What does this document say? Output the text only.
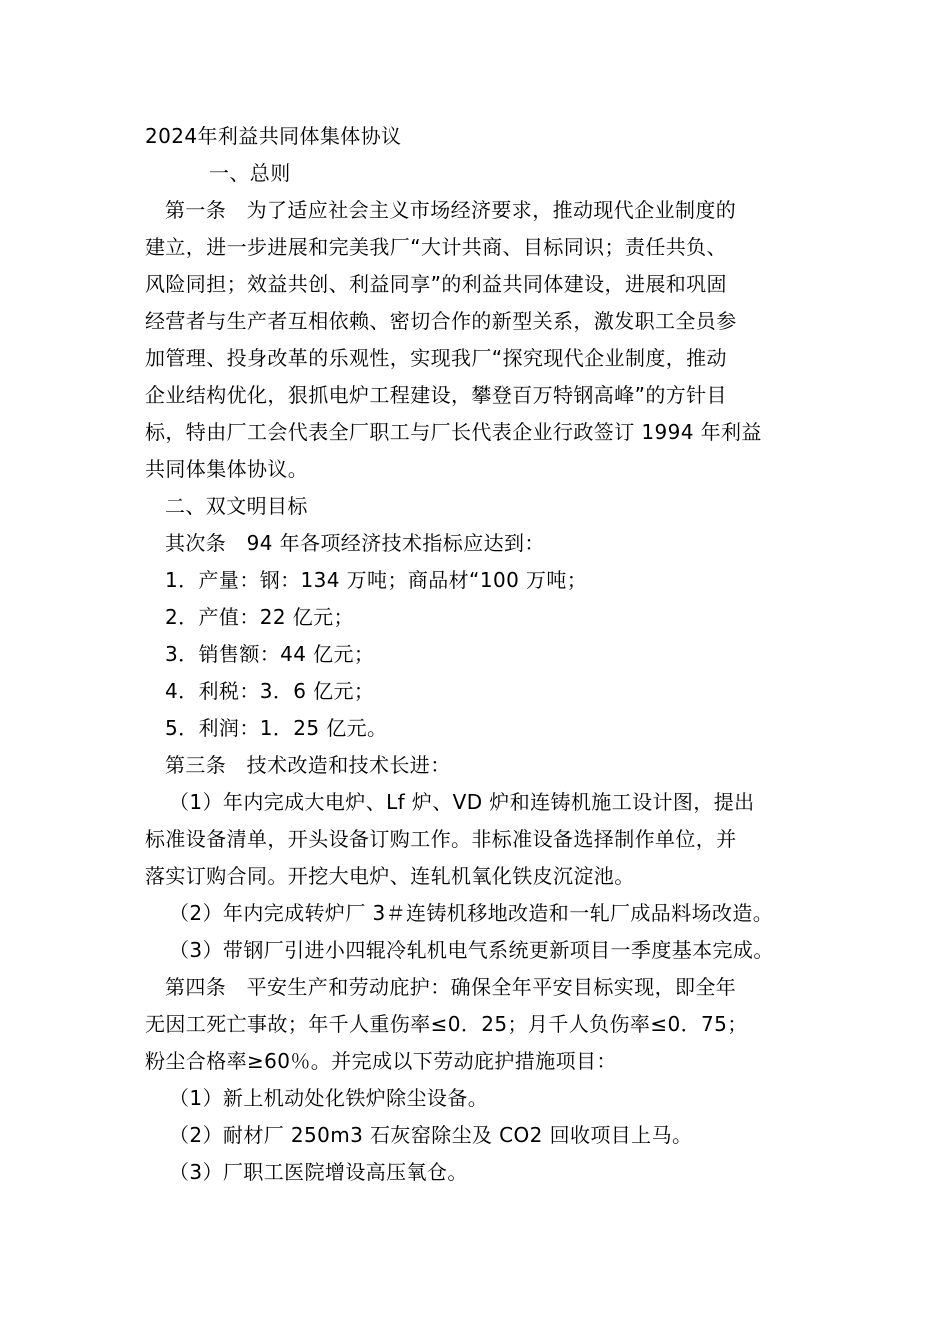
2024年利益共同体集体协议
一、总则
第一条　为了适应社会主义市场经济要求，推动现代企业制度的
建立，进一步进展和完美我厂“大计共商、目标同识；责任共负、
风险同担；效益共创、利益同享”的利益共同体建设，进展和巩固
经营者与生产者互相依赖、密切合作的新型关系，激发职工全员参
加管理、投身改革的乐观性，实现我厂“探究现代企业制度，推动
企业结构优化，狠抓电炉工程建设，攀登百万特钢高峰”的方针目
标，特由厂工会代表全厂职工与厂长代表企业行政签订 1994 年利益
共同体集体协议。
二、双文明目标
其次条　94 年各项经济技术指标应达到：
1．产量：钢：134 万吨；商品材“100 万吨；
2．产值：22 亿元；
3．销售额：44 亿元；
4．利税：3．6 亿元；
5．利润：1．25 亿元。
第三条　技术改造和技术长进：
（1）年内完成大电炉、Lf 炉、VD 炉和连铸机施工设计图，提出
标准设备清单，开头设备订购工作。非标准设备选择制作单位，并
落实订购合同。开挖大电炉、连轧机氧化铁皮沉淀池。
（2）年内完成转炉厂 3＃连铸机移地改造和一轧厂成品料场改造。
（3）带钢厂引进小四辊冷轧机电气系统更新项目一季度基本完成。
第四条　平安生产和劳动庇护：确保全年平安目标实现，即全年
无因工死亡事故；年千人重伤率≤0．25；月千人负伤率≤0．75；
粉尘合格率≥60％。并完成以下劳动庇护措施项目：
（1）新上机动处化铁炉除尘设备。
（2）耐材厂 250m3 石灰窑除尘及 CO2 回收项目上马。
（3）厂职工医院增设高压氧仓。
